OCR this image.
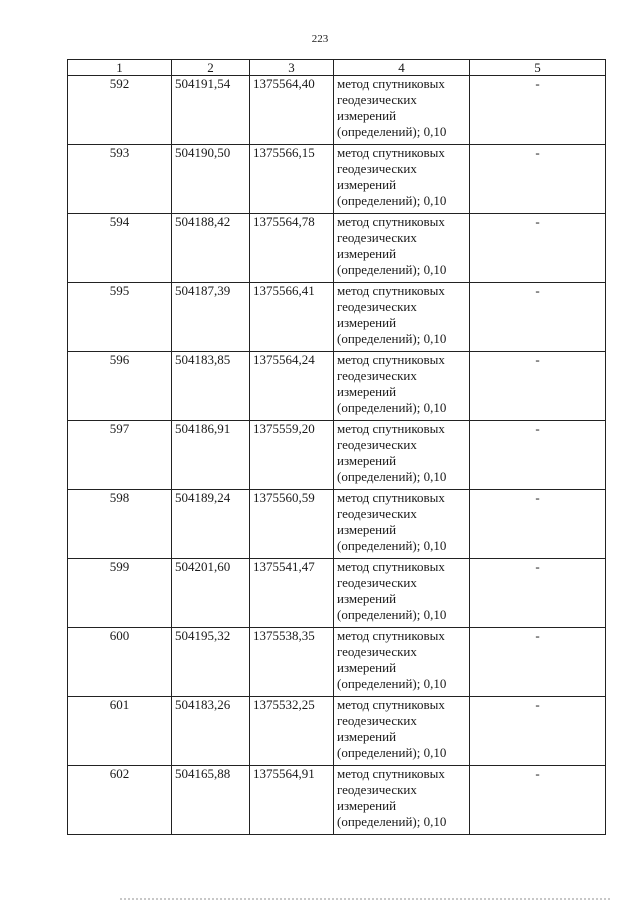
223
1	2	3	4	5
592	504191,54	1375564,40	метод спутниковых геодезических измерений (определений); 0,10	-
593	504190,50	1375566,15	метод спутниковых геодезических измерений (определений); 0,10	-
594	504188,42	1375564,78	метод спутниковых геодезических измерений (определений); 0,10	-
595	504187,39	1375566,41	метод спутниковых геодезических измерений (определений); 0,10	-
596	504183,85	1375564,24	метод спутниковых геодезических измерений (определений); 0,10	-
597	504186,91	1375559,20	метод спутниковых геодезических измерений (определений); 0,10	-
598	504189,24	1375560,59	метод спутниковых геодезических измерений (определений); 0,10	-
599	504201,60	1375541,47	метод спутниковых геодезических измерений (определений); 0,10	-
600	504195,32	1375538,35	метод спутниковых геодезических измерений (определений); 0,10	-
601	504183,26	1375532,25	метод спутниковых геодезических измерений (определений); 0,10	-
602	504165,88	1375564,91	метод спутниковых геодезических измерений (определений); 0,10	-
